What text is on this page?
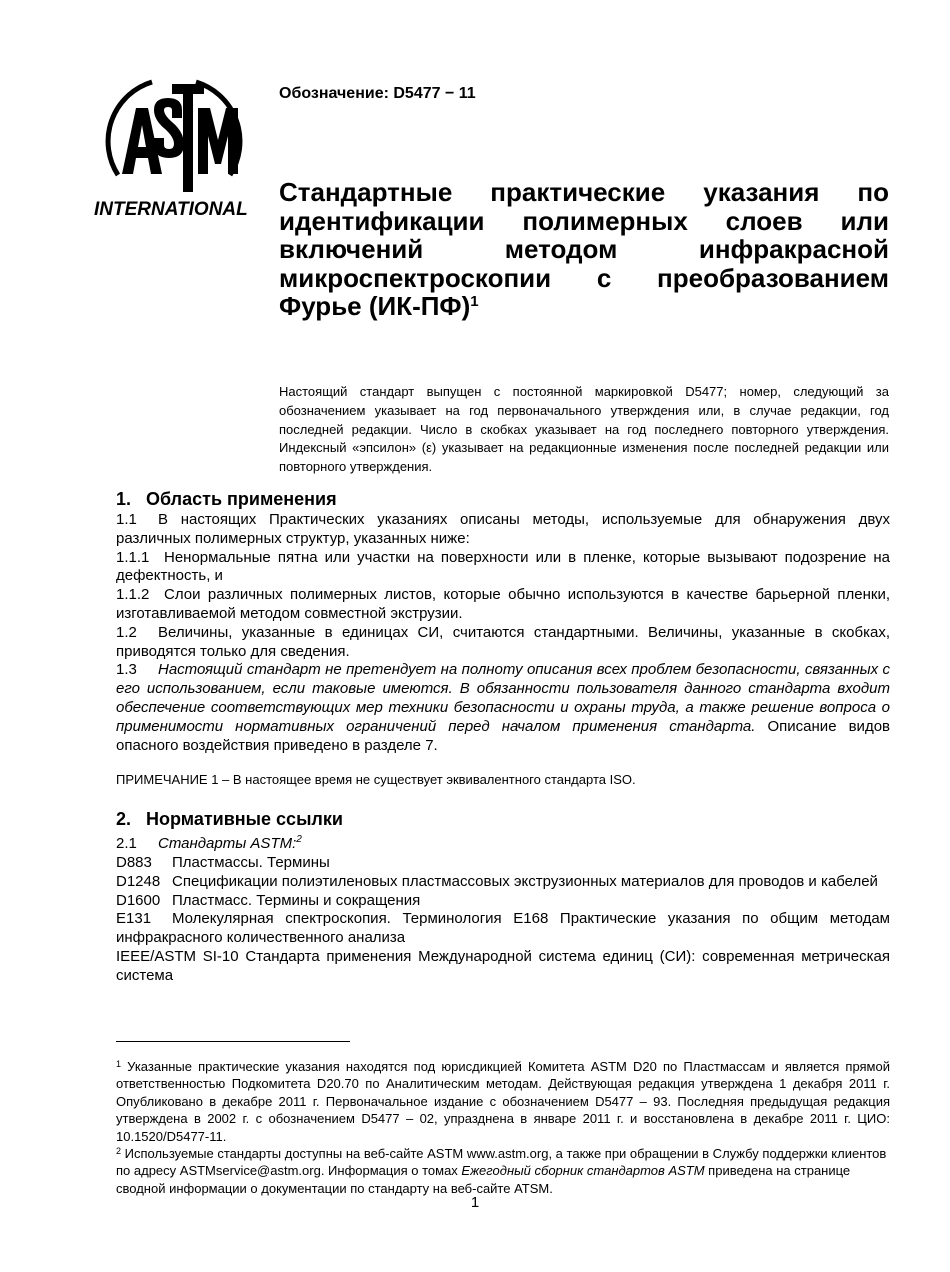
INTERNATIONAL
Обозначение: D5477 − 11
Стандартные практические указания по идентификации полимерных слоев или включений методом инфракрасной микроспектроскопии с преобразованием Фурье $(ИК-ПФ)^1$
Настоящий стандарт выпущен с постоянной маркировкой D5477; номер, следующий за обозначением указывает на год первоначального утверждения или, в случае редакции, год последней редакции. Число в скобках указывает на год последнего повторного утверждения. Индексный «эпсилон» (ε) указывает на редакционные изменения после последней редакции или повторного утверждения.
1. Область применения

1.1 В настоящих Практических указаниях описаны методы, используемые для обнаружения двух различных полимерных структур, указанных ниже:

1.1.1 Ненормальные пятна или участки на поверхности или в пленке, которые вызывают подозрение на дефектность, и

1.1.2 Слои различных полимерных листов, которые обычно используются в качестве барьерной пленки, изготавливаемой методом совместной экструзии.

1.2 Величины, указанные в единицах СИ, считаются стандартными. Величины, указанные в скобках, приводятся только для сведения.

1.3 Настоящий стандарт не претендует на полноту описания всех проблем безопасности, связанных с его использованием, если таковые имеются. В обязанности пользователя данного стандарта входит обеспечение соответствующих мер техники безопасности и охраны труда, а также решение вопроса о применимости нормативных ограничений перед началом применения стандарта. Описание видов опасного воздействия приведено в разделе 7.

ПРИМЕЧАНИЕ 1 – В настоящее время не существует эквивалентного стандарта ISO.

2. Нормативные ссылки

2.1 Стандарты ASTM:$^2$

D883 Пластмассы. Термины

D1248 Спецификации полиэтиленовых пластмассовых экструзионных материалов для проводов и кабелей

D1600 Пластмасс. Термины и сокращения

E131 Молекулярная спектроскопия. Терминология E168 Практические указания по общим методам инфракрасного количественного анализа

IEEE/ASTM SI-10 Стандарта применения Международной система единиц (СИ): современная метрическая система

$^1$ Указанные практические указания находятся под юрисдикцией Комитета ASTM D20 по Пластмассам и является прямой ответственностью Подкомитета D20.70 по Аналитическим методам. Действующая редакция утверждена 1 декабря 2011 г. Опубликовано в декабре 2011 г. Первоначальное издание с обозначением D5477 – 93. Последняя предыдущая редакция утверждена в 2002 г. с обозначением D5477 – 02, упразднена в январе 2011 г. и восстановлена в декабре 2011 г. ЦИО: 10.1520/D5477-11.

$^2$ Используемые стандарты доступны на веб-сайте ASTM www.astm.org, а также при обращении в Службу поддержки клиентов по адресу ASTMservice@astm.org. Информация о томах Ежегодный сборник стандартов ASTM приведена на странице сводной информации о документации по стандарту на веб-сайте ATSM.

1
